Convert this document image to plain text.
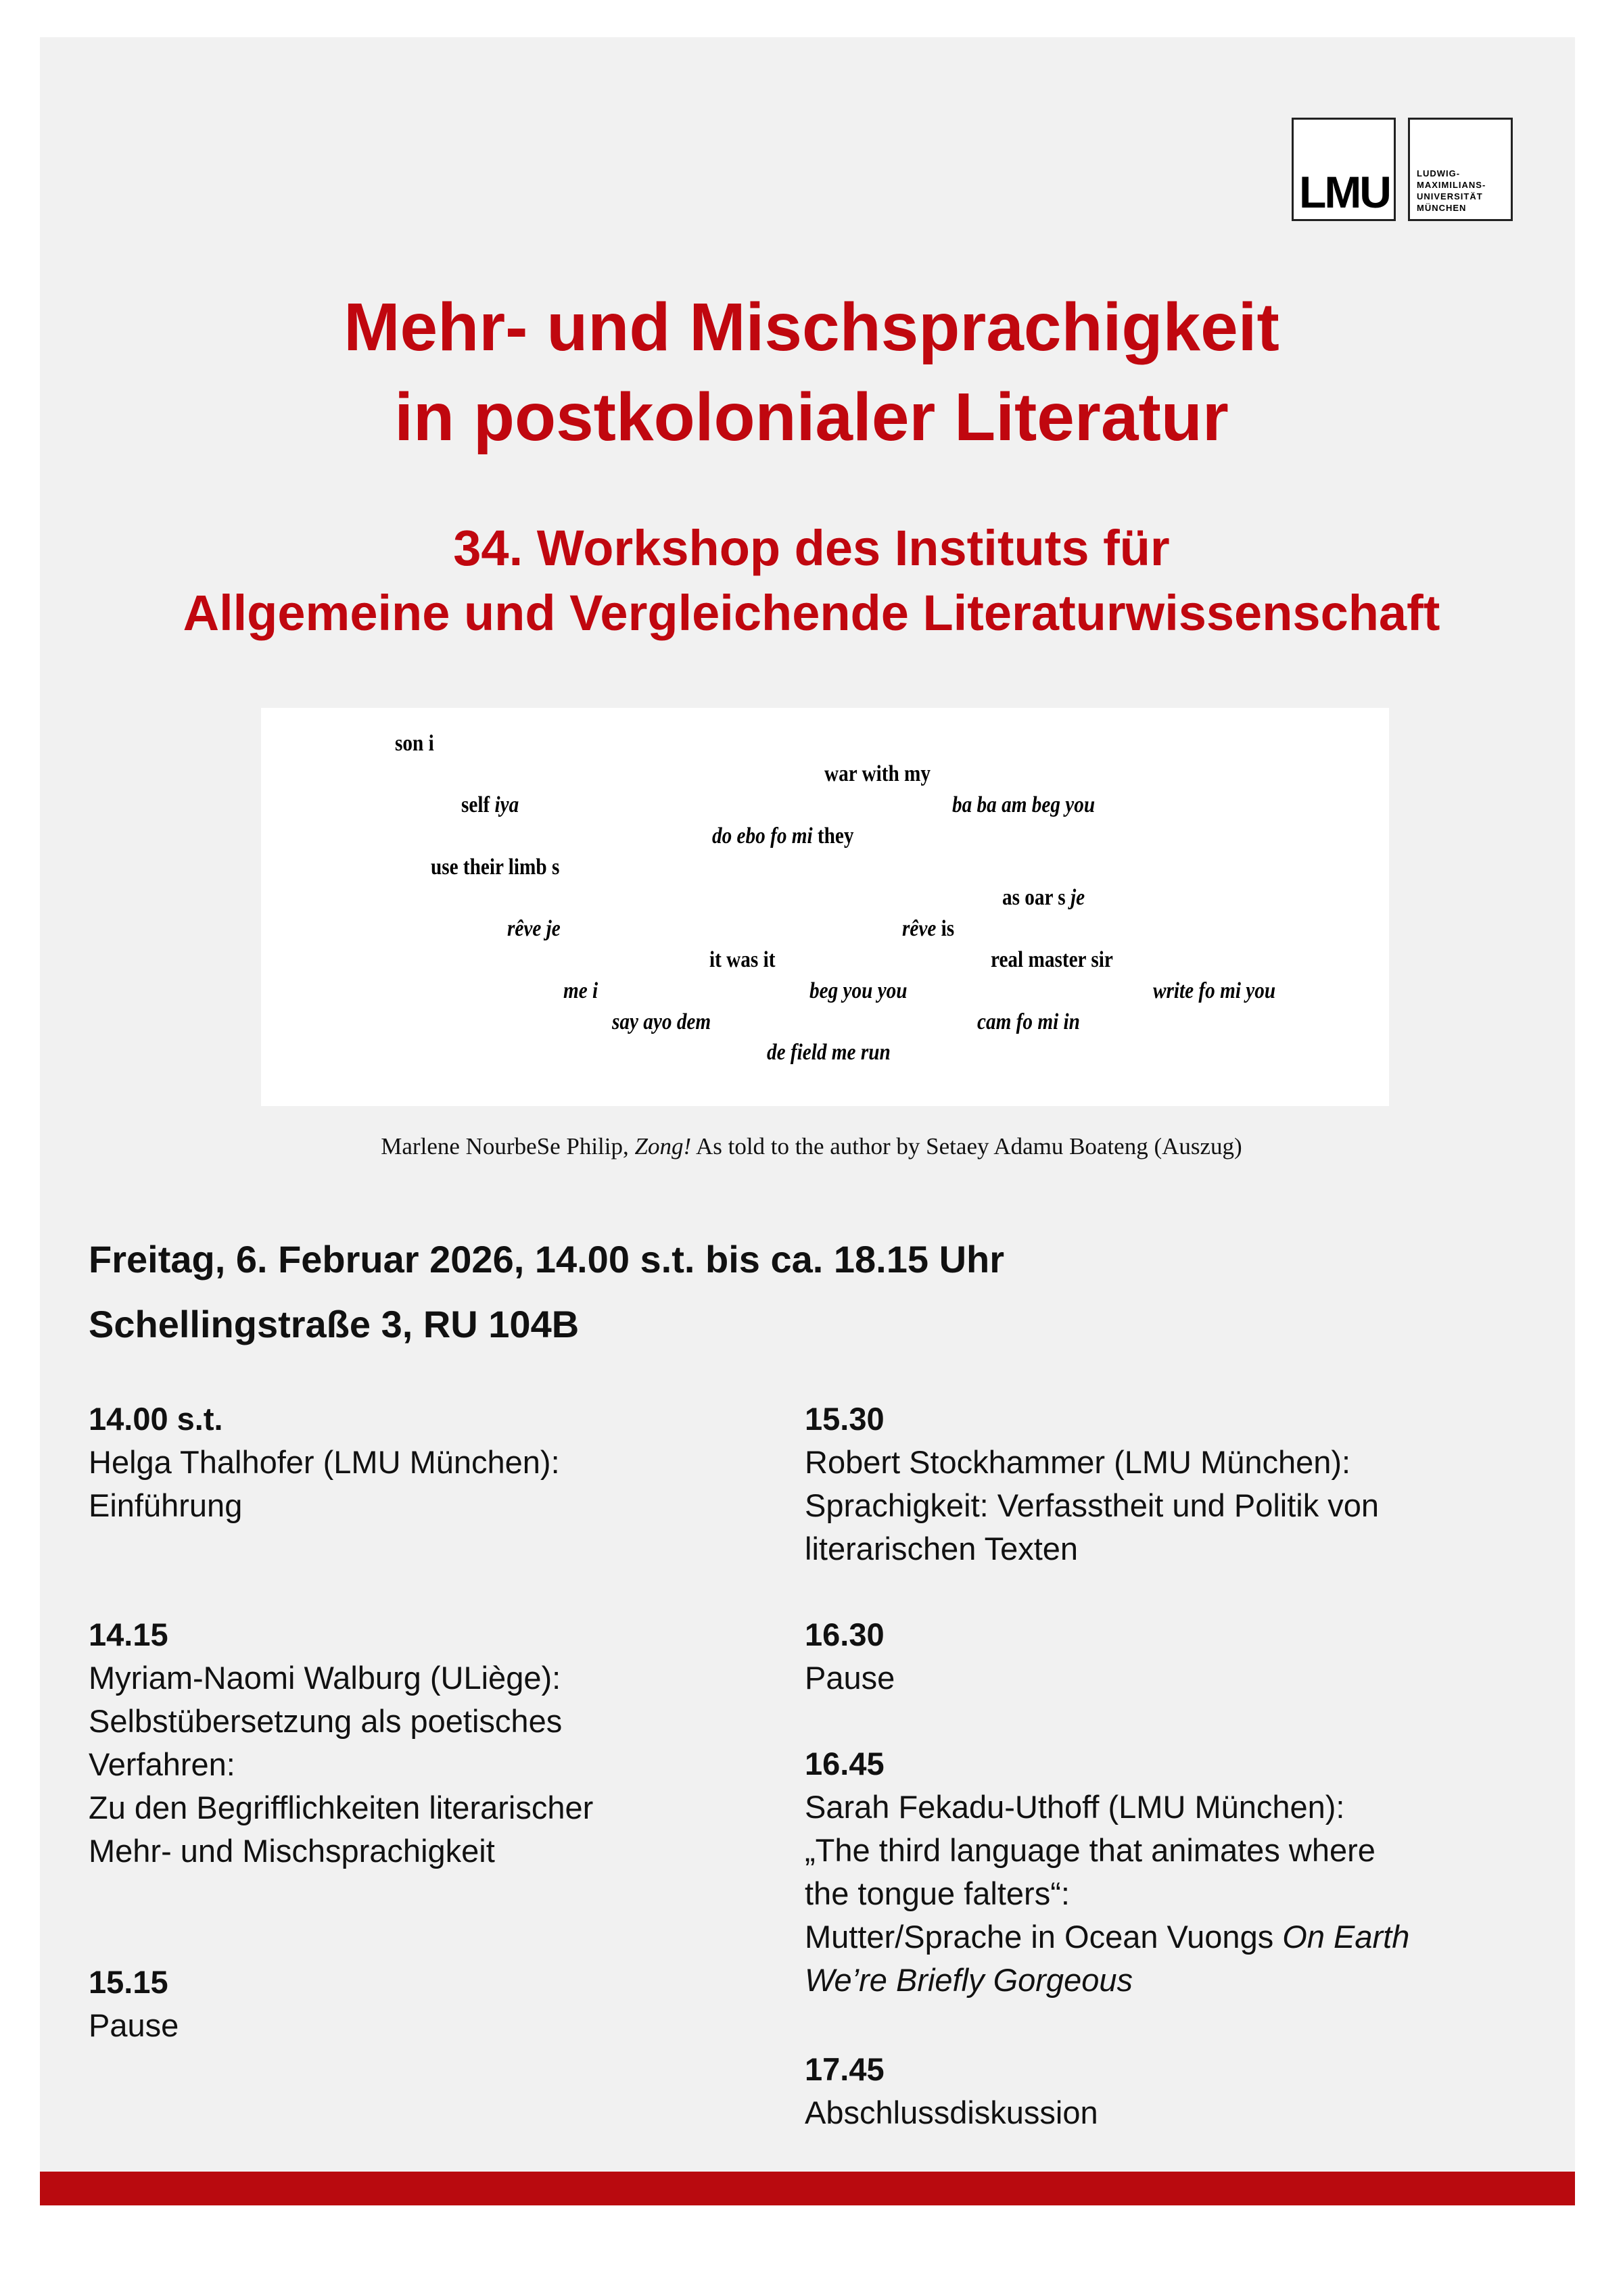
LMU	LUDWIG-
MAXIMILIANS-
UNIVERSITÄT
MÜNCHEN
Mehr- und Mischsprachigkeit
in postkolonialer Literatur
34. Workshop des Instituts für
Allgemeine und Vergleichende Literaturwissenschaft
son i
war with my
self iya	ba ba am beg you
do ebo fo mi they
use their limb s
as oar s je
rêve je	rêve is
it was it	real master sir
me i	beg you you	write fo mi you
say ayo dem	cam fo mi in
de field me run
Marlene NourbeSe Philip, Zong! As told to the author by Setaey Adamu Boateng (Auszug)
Freitag, 6. Februar 2026, 14.00 s.t. bis ca. 18.15 Uhr
Schellingstraße 3, RU 104B
14.00 s.t.
Helga Thalhofer (LMU München):
Einführung
14.15
Myriam-Naomi Walburg (ULiège):
Selbstübersetzung als poetisches
Verfahren:
Zu den Begrifflichkeiten literarischer
Mehr- und Mischsprachigkeit
15.15
Pause
15.30
Robert Stockhammer (LMU München):
Sprachigkeit: Verfasstheit und Politik von
literarischen Texten
16.30
Pause
16.45
Sarah Fekadu-Uthoff (LMU München):
„The third language that animates where
the tongue falters“:
Mutter/Sprache in Ocean Vuongs On Earth
We’re Briefly Gorgeous
17.45
Abschlussdiskussion
